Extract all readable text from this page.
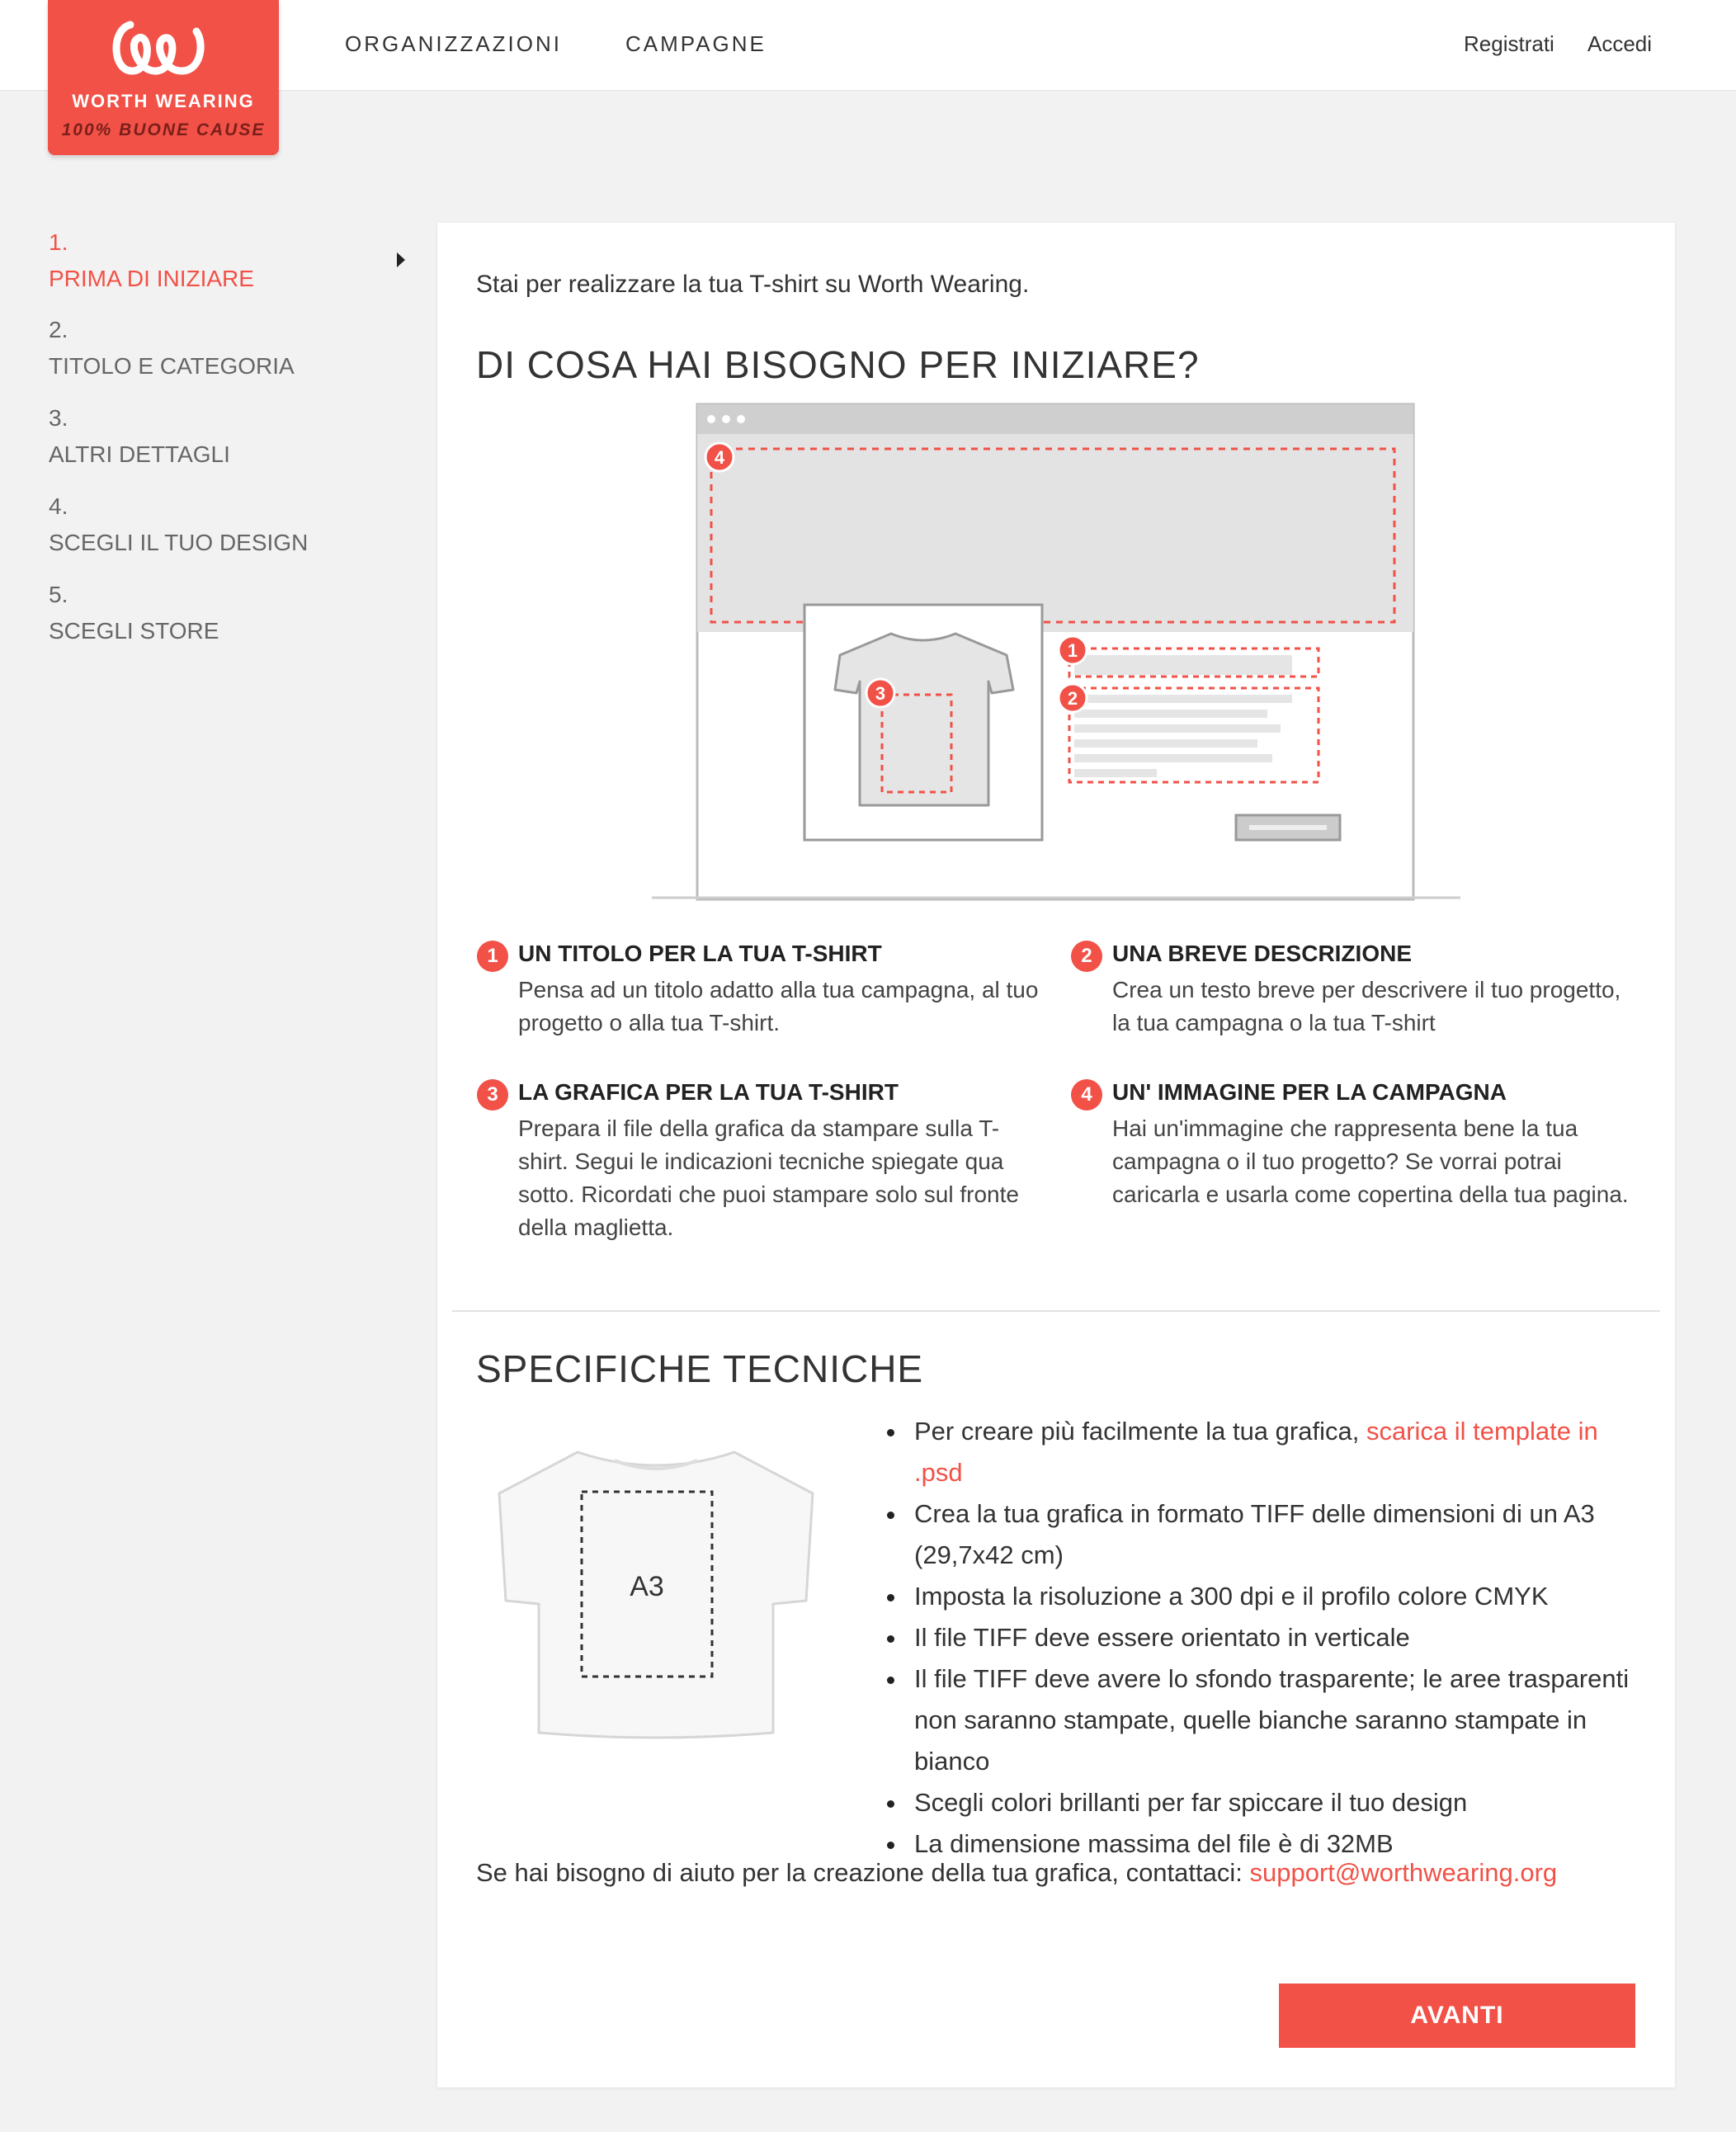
WORTH WEARING
100% BUONE CAUSE
ORGANIZZAZIONI	CAMPAGNE	Registrati Accedi
1.
PRIMA DI INIZIARE
2.
TITOLO E CATEGORIA
3.
ALTRI DETTAGLI
4.
SCEGLI IL TUO DESIGN
5.
SCEGLI STORE
Stai per realizzare la tua T-shirt su Worth Wearing.
DI COSA HAI BISOGNO PER INIZIARE?
4
3
1
2
1 UN TITOLO PER LA TUA T-SHIRT
Pensa ad un titolo adatto alla tua campagna, al tuo progetto o alla tua T-shirt.
2 UNA BREVE DESCRIZIONE
Crea un testo breve per descrivere il tuo progetto, la tua campagna o la tua T-shirt
3 LA GRAFICA PER LA TUA T-SHIRT
Prepara il file della grafica da stampare sulla T-shirt. Segui le indicazioni tecniche spiegate qua sotto. Ricordati che puoi stampare solo sul fronte della maglietta.
4 UN' IMMAGINE PER LA CAMPAGNA
Hai un'immagine che rappresenta bene la tua campagna o il tuo progetto? Se vorrai potrai caricarla e usarla come copertina della tua pagina.
SPECIFICHE TECNICHE
A3
Per creare più facilmente la tua grafica, scarica il template in .psd
Crea la tua grafica in formato TIFF delle dimensioni di un A3 (29,7x42 cm)
Imposta la risoluzione a 300 dpi e il profilo colore CMYK
Il file TIFF deve essere orientato in verticale
Il file TIFF deve avere lo sfondo trasparente; le aree trasparenti non saranno stampate, quelle bianche saranno stampate in bianco
Scegli colori brillanti per far spiccare il tuo design
La dimensione massima del file è di 32MB
Se hai bisogno di aiuto per la creazione della tua grafica, contattaci: support@worthwearing.org
AVANTI
